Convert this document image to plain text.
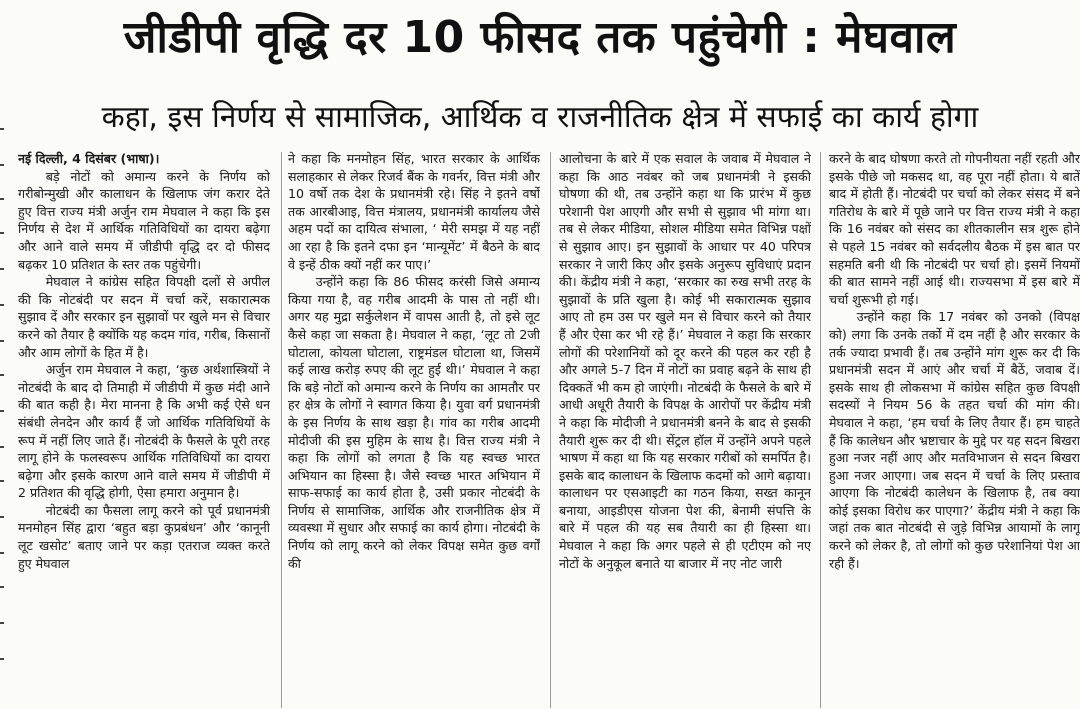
जीडीपी वृद्धि दर 10 फीसद तक पहुंचेगी : मेघवाल
कहा, इस निर्णय से सामाजिक, आर्थिक व राजनीतिक क्षेत्र में सफाई का कार्य होगा

नई दिल्ली, 4 दिसंबर (भाषा)।

बड़े नोटों को अमान्य करने के निर्णय को गरीबोन्मुखी और कालाधन के खिलाफ जंग करार देते हुए वित्त राज्य मंत्री अर्जुन राम मेघवाल ने कहा कि इस निर्णय से देश में आर्थिक गतिविधियों का दायरा बढ़ेगा और आने वाले समय में जीडीपी वृद्धि दर दो फीसद बढ़कर 10 प्रतिशत के स्तर तक पहुंचेगी।

मेघवाल ने कांग्रेस सहित विपक्षी दलों से अपील की कि नोटबंदी पर सदन में चर्चा करें, सकारात्मक सुझाव दें और सरकार इन सुझावों पर खुले मन से विचार करने को तैयार है क्योंकि यह कदम गांव, गरीब, किसानों और आम लोगों के हित में है।

अर्जुन राम मेघवाल ने कहा, ‘कुछ अर्थशास्त्रियों ने नोटबंदी के बाद दो तिमाही में जीडीपी में कुछ मंदी आने की बात कही है। मेरा मानना है कि अभी कई ऐसे धन संबंधी लेनदेन और कार्य हैं जो आर्थिक गतिविधियों के रूप में नहीं लिए जाते हैं। नोटबंदी के फैसले के पूरी तरह लागू होने के फलस्वरूप आर्थिक गतिविधियों का दायरा बढ़ेगा और इसके कारण आने वाले समय में जीडीपी में 2 प्रतिशत की वृद्धि होगी, ऐसा हमारा अनुमान है।

नोटबंदी का फैसला लागू करने को पूर्व प्रधानमंत्री मनमोहन सिंह द्वारा ‘बहुत बड़ा कुप्रबंधन’ और ‘कानूनी लूट खसोट’ बताए जाने पर कड़ा एतराज व्यक्त करते हुए मेघवाल

ने कहा कि मनमोहन सिंह, भारत सरकार के आर्थिक सलाहकार से लेकर रिजर्व बैंक के गवर्नर, वित्त मंत्री और 10 वर्षो तक देश के प्रधानमंत्री रहे। सिंह ने इतने वर्षो तक आरबीआइ, वित्त मंत्रालय, प्रधानमंत्री कार्यालय जैसे अहम पदों का दायित्व संभाला, ‘ मेरी समझ में यह नहीं आ रहा है कि इतने दफा इन ‘मान्यूमेंट’ में बैठने के बाद वे इन्हें ठीक क्यों नहीं कर पाए।’

उन्होंने कहा कि 86 फीसद करंसी जिसे अमान्य किया गया है, वह गरीब आदमी के पास तो नहीं थी। अगर यह मुद्रा सर्कुलेशन में वापस आती है, तो इसे लूट कैसे कहा जा सकता है। मेघवाल ने कहा, ‘लूट तो 2जी घोटाला, कोयला घोटाला, राष्ट्रमंडल घोटाला था, जिसमें कई लाख करोड़ रुपए की लूट हुई थी।’ मेघवाल ने कहा कि बड़े नोटों को अमान्य करने के निर्णय का आमतौर पर हर क्षेत्र के लोगों ने स्वागत किया है। युवा वर्ग प्रधानमंत्री के इस निर्णय के साथ खड़ा है। गांव का गरीब आदमी मोदीजी की इस मुहिम के साथ है। वित्त राज्य मंत्री ने कहा कि लोगों को लगता है कि यह स्वच्छ भारत अभियान का हिस्सा है। जैसे स्वच्छ भारत अभियान में साफ-सफाई का कार्य होता है, उसी प्रकार नोटबंदी के निर्णय से सामाजिक, आर्थिक और राजनीतिक क्षेत्र में व्यवस्था में सुधार और सफाई का कार्य होगा। नोटबंदी के निर्णय को लागू करने को लेकर विपक्ष समेत कुछ वर्गों की

आलोचना के बारे में एक सवाल के जवाब में मेघवाल ने कहा कि आठ नवंबर को जब प्रधानमंत्री ने इसकी घोषणा की थी, तब उन्होंने कहा था कि प्रारंभ में कुछ परेशानी पेश आएगी और सभी से सुझाव भी मांगा था। तब से लेकर मीडिया, सोशल मीडिया समेत विभिन्न पक्षों से सुझाव आए। इन सुझावों के आधार पर 40 परिपत्र सरकार ने जारी किए और इसके अनुरूप सुविधाएं प्रदान की। केंद्रीय मंत्री ने कहा, ‘सरकार का रुख सभी तरह के सुझावों के प्रति खुला है। कोई भी सकारात्मक सुझाव आए तो हम उस पर खुले मन से विचार करने को तैयार हैं और ऐसा कर भी रहे हैं।’ मेघवाल ने कहा कि सरकार लोगों की परेशानियों को दूर करने की पहल कर रही है और अगले 5-7 दिन में नोटों का प्रवाह बढ़ने के साथ ही दिक्कतें भी कम हो जाएंगी। नोटबंदी के फैसले के बारे में आधी अधूरी तैयारी के विपक्ष के आरोपों पर केंद्रीय मंत्री ने कहा कि मोदीजी ने प्रधानमंत्री बनने के बाद से इसकी तैयारी शुरू कर दी थी। सेंट्रल हॉल में उन्होंने अपने पहले भाषण में कहा था कि यह सरकार गरीबों को समर्पित है। इसके बाद कालाधन के खिलाफ कदमों को आगे बढ़ाया। कालाधन पर एसआइटी का गठन किया, सख्त कानून बनाया, आइडीएस योजना पेश की, बेनामी संपत्ति के बारे में पहल की यह सब तैयारी का ही हिस्सा था। मेघवाल ने कहा कि अगर पहले से ही एटीएम को नए नोटों के अनुकूल बनाते या बाजार में नए नोट जारी

करने के बाद घोषणा करते तो गोपनीयता नहीं रहती और इसके पीछे जो मकसद था, वह पूरा नहीं होता। ये बातें बाद में होती हैं। नोटबंदी पर चर्चा को लेकर संसद में बने गतिरोध के बारे में पूछे जाने पर वित्त राज्य मंत्री ने कहा कि 16 नवंबर को संसद का शीतकालीन सत्र शुरू होने से पहले 15 नवंबर को सर्वदलीय बैठक में इस बात पर सहमति बनी थी कि नोटबंदी पर चर्चा हो। इसमें नियमों की बात सामने नहीं आई थी। राज्यसभा में इस बारे में चर्चा शुरूभी हो गई।

उन्होंने कहा कि 17 नवंबर को उनको (विपक्ष को) लगा कि उनके तर्को में दम नहीं है और सरकार के तर्क ज्यादा प्रभावी हैं। तब उन्होंने मांग शुरू कर दी कि प्रधानमंत्री सदन में आएं और चर्चा में बैठें, जवाब दें। इसके साथ ही लोकसभा में कांग्रेस सहित कुछ विपक्षी सदस्यों ने नियम 56 के तहत चर्चा की मांग की। मेघवाल ने कहा, ‘हम चर्चा के लिए तैयार हैं। हम चाहते हैं कि कालेधन और भ्रष्टाचार के मुद्दे पर यह सदन बिखरा हुआ नजर नहीं आए और मतविभाजन से सदन बिखरा हुआ नजर आएगा। जब सदन में चर्चा के लिए प्रस्ताव आएगा कि नोटबंदी कालेधन के खिलाफ है, तब क्या कोई इसका विरोध कर पाएगा?’ केंद्रीय मंत्री ने कहा कि जहां तक बात नोटबंदी से जुड़े विभिन्न आयामों के लागू करने को लेकर है, तो लोगों को कुछ परेशानियां पेश आ रही हैं।
